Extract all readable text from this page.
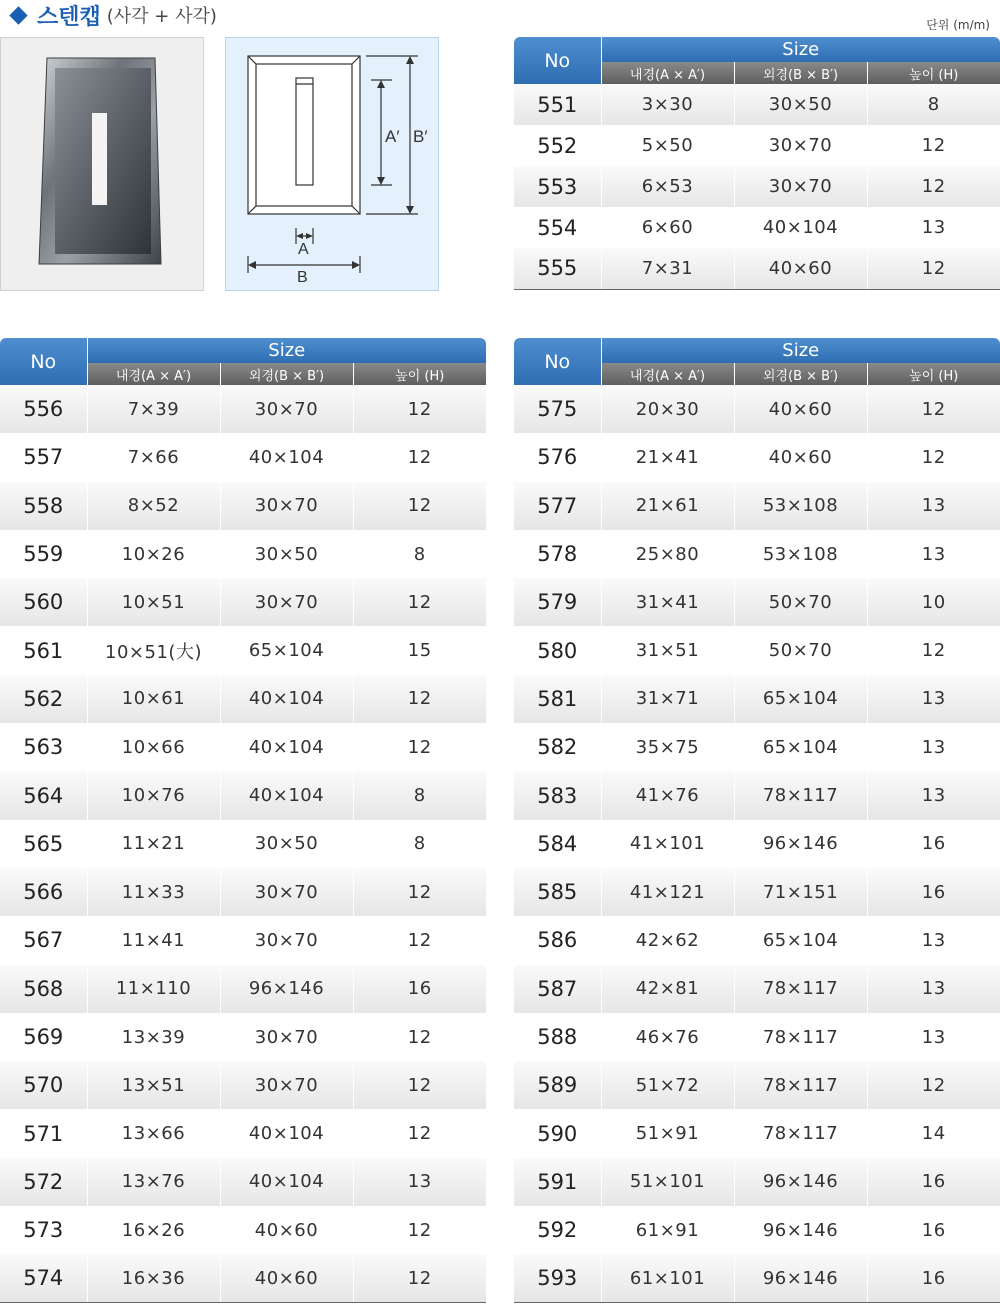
스텐캡 (사각 + 사각)	단위 (m/m)
A′ B′
A
B
No	Size		
	내경(A × A′)	외경(B × B′)	높이 (H)
551	3×30	30×50	8
552	5×50	30×70	12
553	6×53	30×70	12
554	6×60	40×104	13
555	7×31	40×60	12
No	Size		
	내경(A × A′)	외경(B × B′)	높이 (H)
556	7×39	30×70	12
557	7×66	40×104	12
558	8×52	30×70	12
559	10×26	30×50	8
560	10×51	30×70	12
561	10×51(大)	65×104	15
562	10×61	40×104	12
563	10×66	40×104	12
564	10×76	40×104	8
565	11×21	30×50	8
566	11×33	30×70	12
567	11×41	30×70	12
568	11×110	96×146	16
569	13×39	30×70	12
570	13×51	30×70	12
571	13×66	40×104	12
572	13×76	40×104	13
573	16×26	40×60	12
574	16×36	40×60	12
No	Size		
	내경(A × A′)	외경(B × B′)	높이 (H)
575	20×30	40×60	12
576	21×41	40×60	12
577	21×61	53×108	13
578	25×80	53×108	13
579	31×41	50×70	10
580	31×51	50×70	12
581	31×71	65×104	13
582	35×75	65×104	13
583	41×76	78×117	13
584	41×101	96×146	16
585	41×121	71×151	16
586	42×62	65×104	13
587	42×81	78×117	13
588	46×76	78×117	13
589	51×72	78×117	12
590	51×91	78×117	14
591	51×101	96×146	16
592	61×91	96×146	16
593	61×101	96×146	16
